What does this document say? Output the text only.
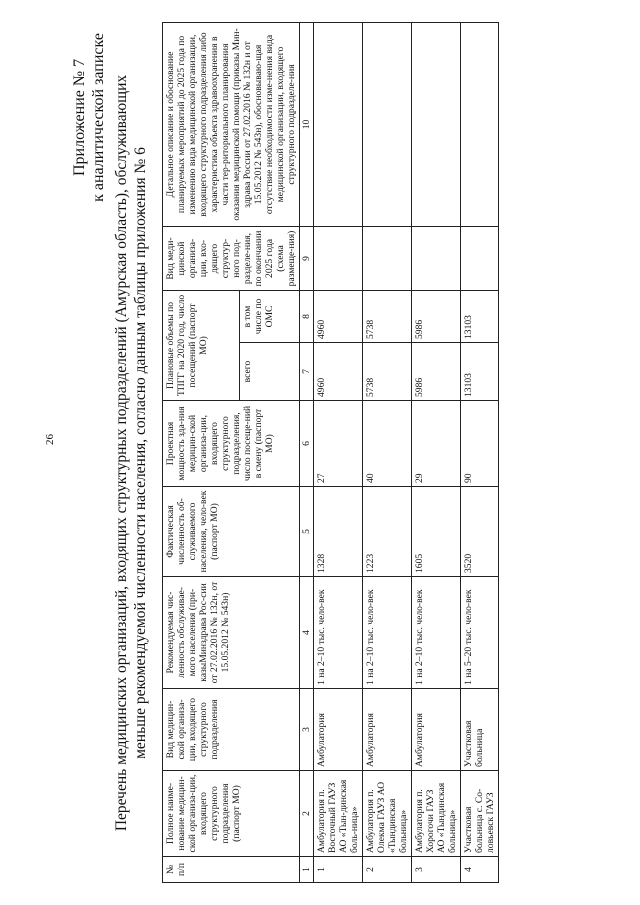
26
Приложение № 7 к аналитической записке Перечень медицинских организаций, входящих структурных подразделений (Амурская область), обслуживающих меньше рекомендуемой численности населения, согласно данным таблицы приложения № 6
№ п/п	Полное наиме-нование медицин-ской организа-ции, входящего структурного подразделения (паспорт МО)	Вид медицин-ской организа-ции, входящего структурного подразделения	Рекомендуемая чис-ленность обслуживае-мого населения (при-казыМинздрава Рос-сии от 27.02.2016 № 132н, от 15.05.2012 № 543н)	Фактическая численность об-служиваемого населения, чело-век (паспорт МО)	Проектная мощность зда-ния медицин-ской организа-ции, входящего структурного подразделения, число посеще-ний в смену (паспорт МО)	Плановые объемы по ТПГГ на 2020 год, число посещений (паспорт МО)		Вид меди-цинской организа-ции, вхо-дящего структур-ного под-разделе-ния, по окончании 2025 года (схема размеще-ния)	Детальное описание и обоснование планируемых мероприятий до 2025 года по изменению вида медицинской организации, входящего структурного подразделения либо характеристика объекта здравоохранения в части тер-риториального планирования оказания медицинской помощи (приказы Мин-здрава России от 27.02.2016 № 132н и от 15.05.2012 № 543н), обосновываю-щая отсутствие необходимости изме-нения вида медицинской организации, входящего структурного подразделе-ния
						всего	в том числе по ОМС		
1	2	3	4	5	6	7	8	9	10
1	Амбулатория п. Восточный ГАУЗ АО «Тын-динская боль-ница»	Амбулатория	1 на 2–10 тыс. чело-век	1328	27	4960	4960		
2	Амбулатория п. Олекма ГАУЗ АО «Тындинская больница»	Амбулатория	1 на 2–10 тыс. чело-век	1223	40	5738	5738		
3	Амбулатория п. Хорогочи ГАУЗ АО «Тындинская больница»	Амбулатория	1 на 2–10 тыс. чело-век	1605	29	5986	5986		
4	Участковая больница с. Со-ловьевск ГАУЗ	Участковая больница	1 на 5–20 тыс. чело-век	3520	90	13103	13103		
